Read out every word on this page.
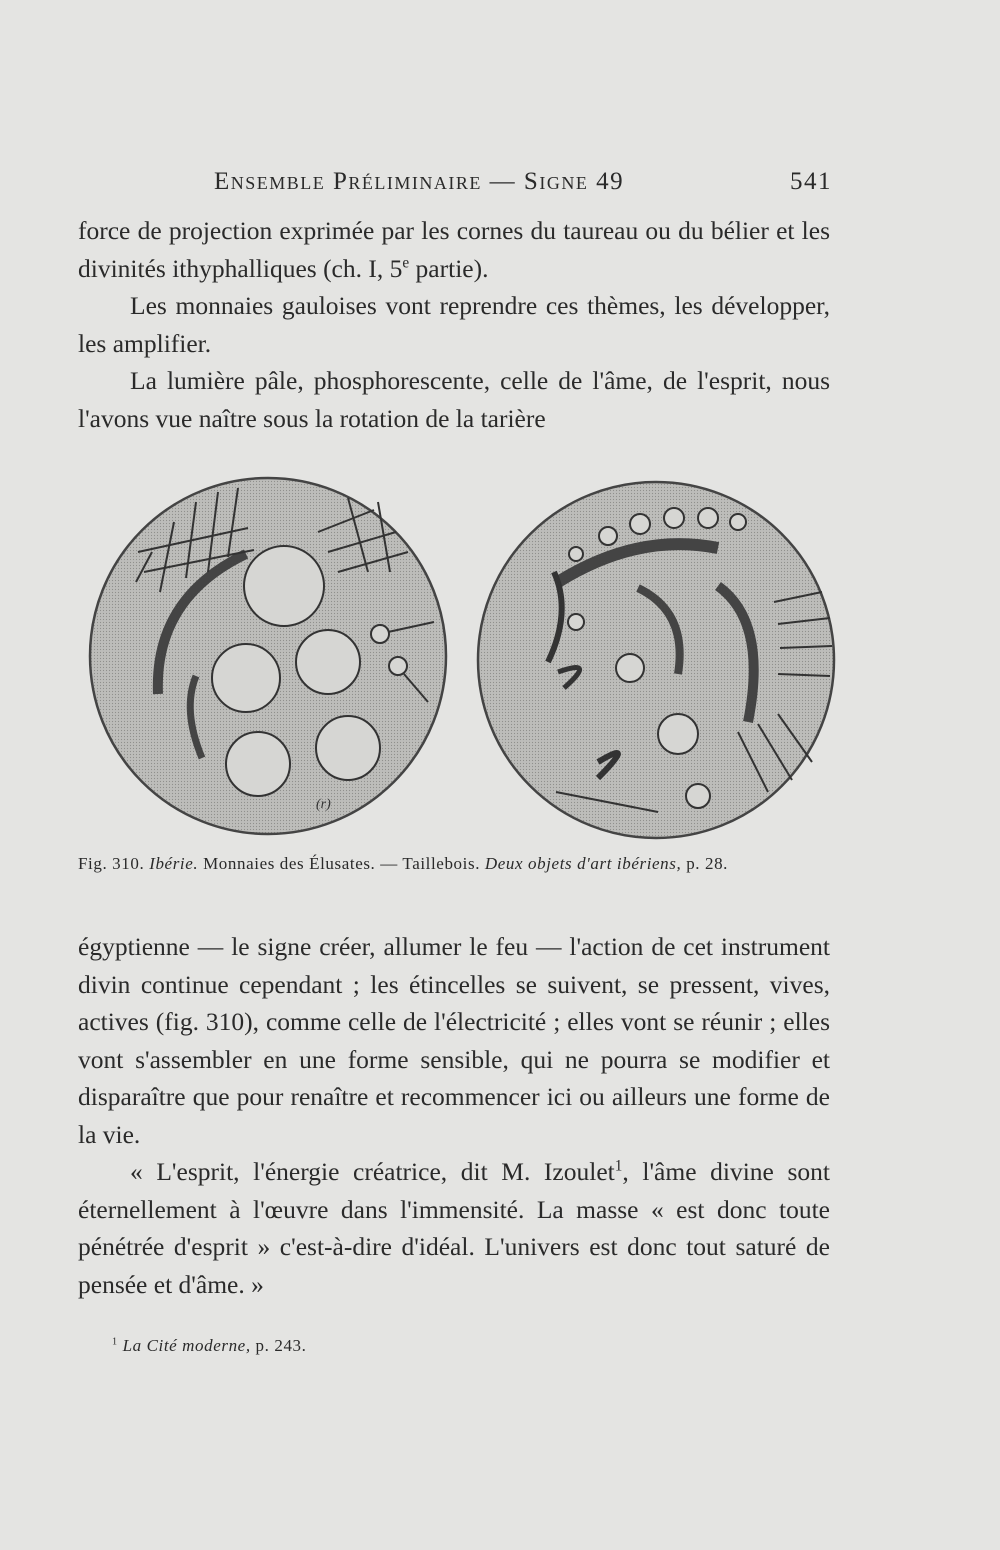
Ensemble Préliminaire — Signe 49	541

force de projection exprimée par les cornes du taureau ou du bélier et les divinités ithyphalliques (ch. I, 5e partie).

Les monnaies gauloises vont reprendre ces thèmes, les développer, les amplifier.

La lumière pâle, phosphorescente, celle de l'âme, de l'esprit, nous l'avons vue naître sous la rotation de la tarière

(r)
Fig. 310. Ibérie. Monnaies des Élusates. — Taillebois. Deux objets d'art ibériens, p. 28.

égyptienne — le signe créer, allumer le feu — l'action de cet instrument divin continue cependant ; les étincelles se suivent, se pressent, vives, actives (fig. 310), comme celle de l'électricité ; elles vont se réunir ; elles vont s'assembler en une forme sensible, qui ne pourra se modifier et disparaître que pour renaître et recommencer ici ou ailleurs une forme de la vie.

« L'esprit, l'énergie créatrice, dit M. Izoulet$^1$, l'âme divine sont éternellement à l'œuvre dans l'immensité. La masse « est donc toute pénétrée d'esprit » c'est-à-dire d'idéal. L'univers est donc tout saturé de pensée et d'âme. »

$^1$ La Cité moderne, p. 243.
